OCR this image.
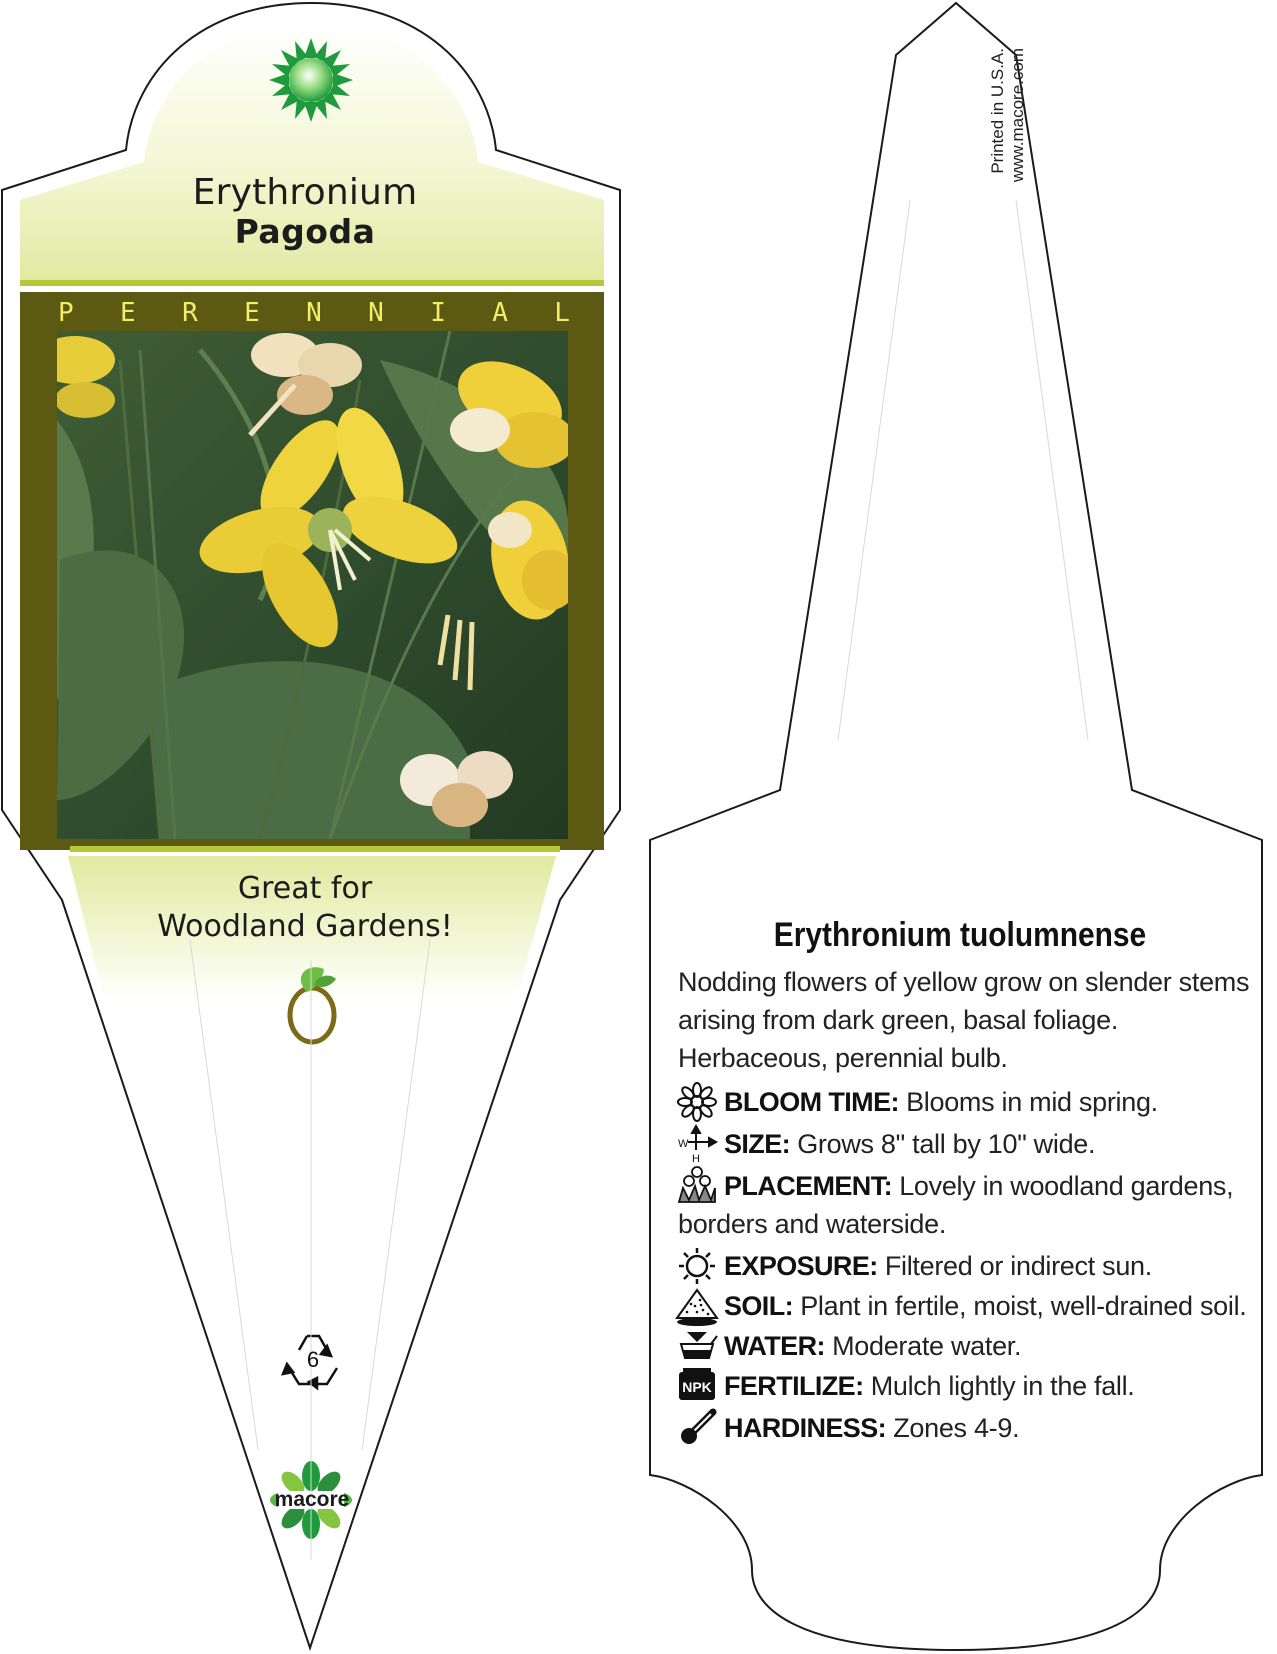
W
H
NPK
Erythronium
Pagoda
P E R E N N I A L
Great for
Woodland Gardens!
6
macore
Printed in U.S.A. www.macore.com
Erythronium tuolumnense
Nodding flowers of yellow grow on slender stems arising from dark green, basal foliage. Herbaceous, perennial bulb.
BLOOM TIME: Blooms in mid spring.
SIZE: Grows 8" tall by 10" wide.
PLACEMENT: Lovely in woodland gardens, borders and waterside.
EXPOSURE: Filtered or indirect sun.
SOIL: Plant in fertile, moist, well-drained soil.
WATER: Moderate water.
FERTILIZE: Mulch lightly in the fall.
HARDINESS: Zones 4-9.
